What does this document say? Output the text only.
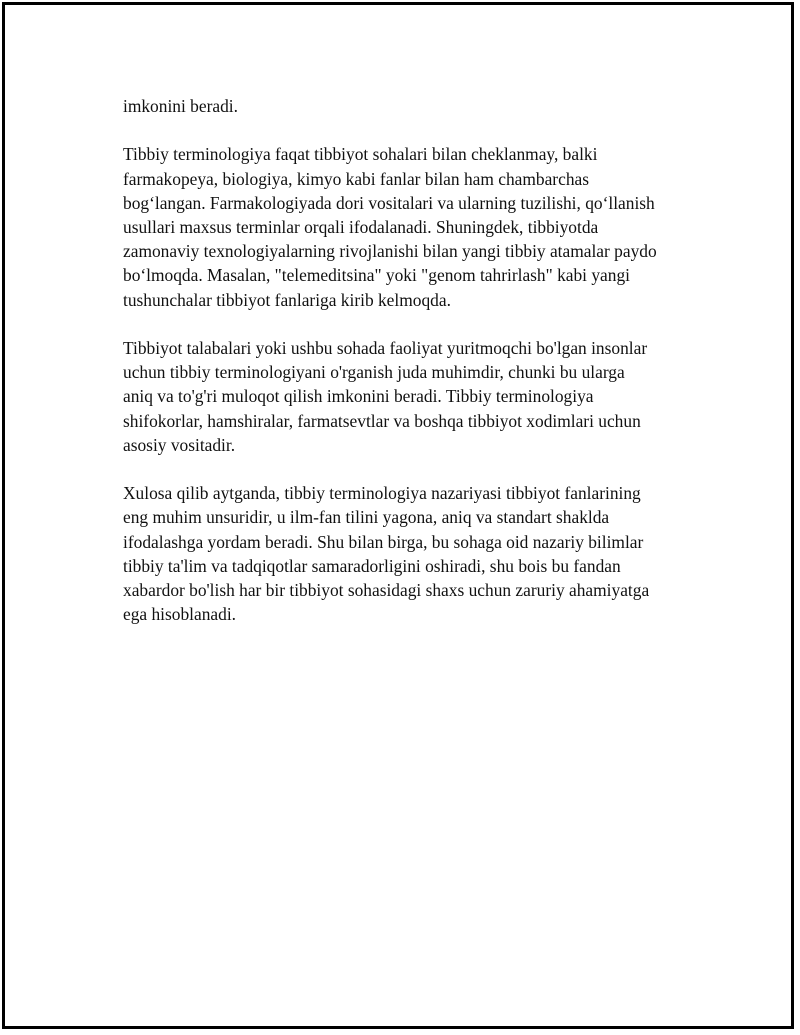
imkonini beradi.

Tibbiy terminologiya faqat tibbiyot sohalari bilan cheklanmay, balki
farmakopeya, biologiya, kimyo kabi fanlar bilan ham chambarchas
bog‘langan. Farmakologiyada dori vositalari va ularning tuzilishi, qo‘llanish
usullari maxsus terminlar orqali ifodalanadi. Shuningdek, tibbiyotda
zamonaviy texnologiyalarning rivojlanishi bilan yangi tibbiy atamalar paydo
bo‘lmoqda. Masalan, "telemeditsina" yoki "genom tahrirlash" kabi yangi
tushunchalar tibbiyot fanlariga kirib kelmoqda.

Tibbiyot talabalari yoki ushbu sohada faoliyat yuritmoqchi bo'lgan insonlar
uchun tibbiy terminologiyani o'rganish juda muhimdir, chunki bu ularga
aniq va to'g'ri muloqot qilish imkonini beradi. Tibbiy terminologiya
shifokorlar, hamshiralar, farmatsevtlar va boshqa tibbiyot xodimlari uchun
asosiy vositadir.

Xulosa qilib aytganda, tibbiy terminologiya nazariyasi tibbiyot fanlarining
eng muhim unsuridir, u ilm-fan tilini yagona, aniq va standart shaklda
ifodalashga yordam beradi. Shu bilan birga, bu sohaga oid nazariy bilimlar
tibbiy ta'lim va tadqiqotlar samaradorligini oshiradi, shu bois bu fandan
xabardor bo'lish har bir tibbiyot sohasidagi shaxs uchun zaruriy ahamiyatga
ega hisoblanadi.
